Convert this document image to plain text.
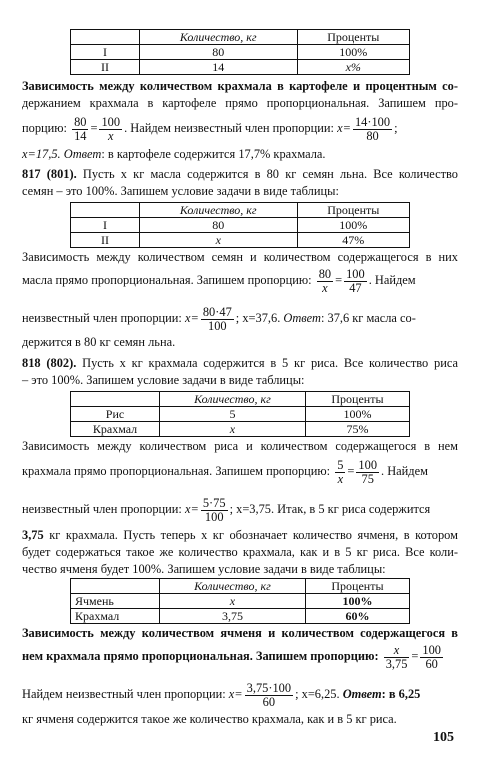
	Количество, кг	Проценты
I	80	100%
II	14	x%
Зависимость между количеством крахмала в картофеле и процентным со-
держанием крахмала в картофеле прямо пропорциональная. Запишем про-
порцию: $\frac{80}{14} = \frac{100}{x}$ . Найдем неизвестный член пропорции: $x= \frac{14\cdot 100}{80}$ ;
x=17,5. Ответ: в картофеле содержится 17,7% крахмала.
817 (801). Пусть x кг масла содержится в 80 кг семян льна. Все количество
семян – это 100%. Запишем условие задачи в виде таблицы:
	Количество, кг	Проценты
I	80	100%
II	x	47%
Зависимость между количеством семян и количеством содержащегося в них
масла прямо пропорциональная. Запишем пропорцию: $\frac{80}{x} = \frac{100}{47}$ . Найдем
неизвестный член пропорции: $x= \frac{80\cdot 47}{100}$ ; x=37,6. Ответ: 37,6 кг масла со-
держится в 80 кг семян льна.
818 (802). Пусть x кг крахмала содержится в 5 кг риса. Все количество риса
– это 100%. Запишем условие задачи в виде таблицы:
	Количество, кг	Проценты
Рис	5	100%
Крахмал	x	75%
Зависимость между количеством риса и количеством содержащегося в нем
крахмала прямо пропорциональная. Запишем пропорцию: $\frac{5}{x} = \frac{100}{75}$ . Найдем
неизвестный член пропорции: $x= \frac{5\cdot 75}{100}$ ; x=3,75. Итак, в 5 кг риса содержится
3,75 кг крахмала. Пусть теперь x кг обозначает количество ячменя, в котором
будет содержаться такое же количество крахмала, как и в 5 кг риса. Все коли-
чество ячменя будет 100%. Запишем условие задачи в виде таблицы:
	Количество, кг	Проценты
Ячмень	x	100%
Крахмал	3,75	60%
Зависимость между количеством ячменя и количеством содержащегося в
нем крахмала прямо пропорциональная. Запишем пропорцию: $\frac{x}{3,75} = \frac{100}{60}$
Найдем неизвестный член пропорции: $x= \frac{3,75\cdot 100}{60}$ ; x=6,25. Ответ: в 6,25
кг ячменя содержится такое же количество крахмала, как и в 5 кг риса.
105
